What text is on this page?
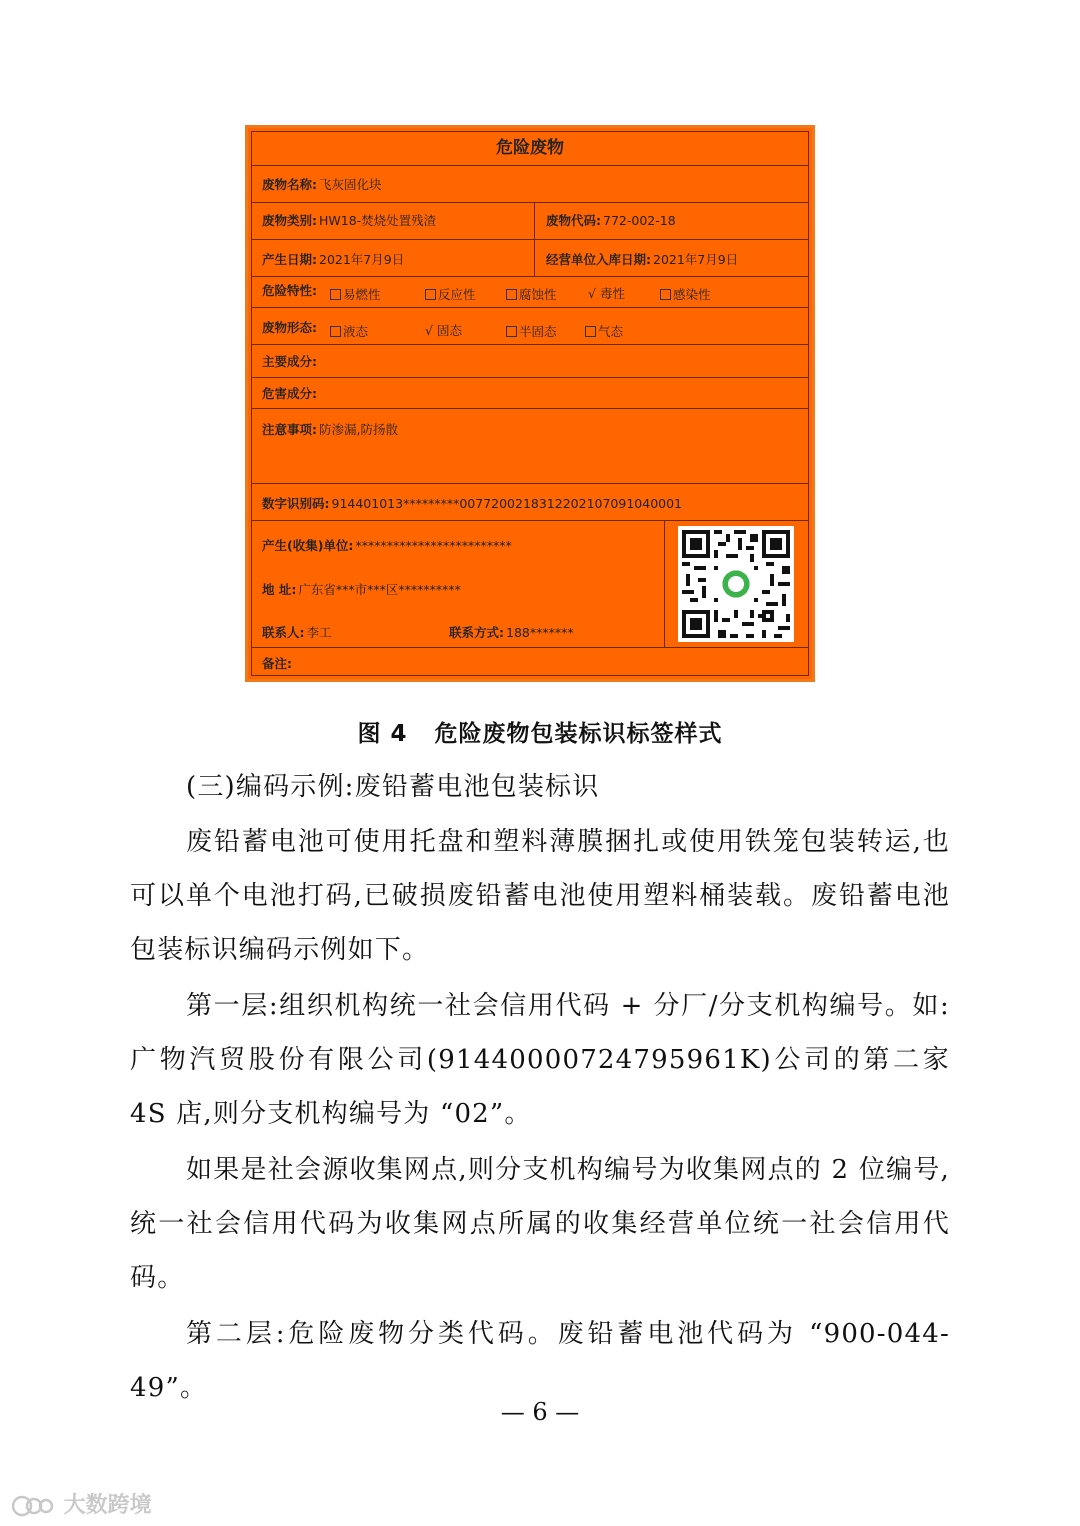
危险废物
废物名称: 飞灰固化块
废物类别: HW18-焚烧处置残渣	废物代码: 772-002-18
产生日期: 2021年7月9日	经营单位入库日期: 2021年7月9日
危险特性:	易燃性	反应性	腐蚀性	√ 毒性	感染性
废物形态:	液态	√ 固态	半固态	气态
主要成分:
危害成分:
注意事项: 防渗漏,防扬散
数字识别码: 914401013*********0077200218312202107091040001
产生(收集)单位: *************************
地 址: 广东省***市***区**********
联系人: 李工	联系方式: 188*******
备注:
图 4   危险废物包装标识标签样式
(三)编码示例:废铅蓄电池包装标识

废铅蓄电池可使用托盘和塑料薄膜捆扎或使用铁笼包装转运,也可以单个电池打码,已破损废铅蓄电池使用塑料桶装载。废铅蓄电池包装标识编码示例如下。

第一层:组织机构统一社会信用代码 + 分厂/分支机构编号。如:广物汽贸股份有限公司(91440000724795961K)公司的第二家 4S 店,则分支机构编号为 “02”。

如果是社会源收集网点,则分支机构编号为收集网点的 2 位编号,统一社会信用代码为收集网点所属的收集经营单位统一社会信用代码。

第二层:危险废物分类代码。废铅蓄电池代码为 “900-044-49”。

— 6 —
大数跨境
